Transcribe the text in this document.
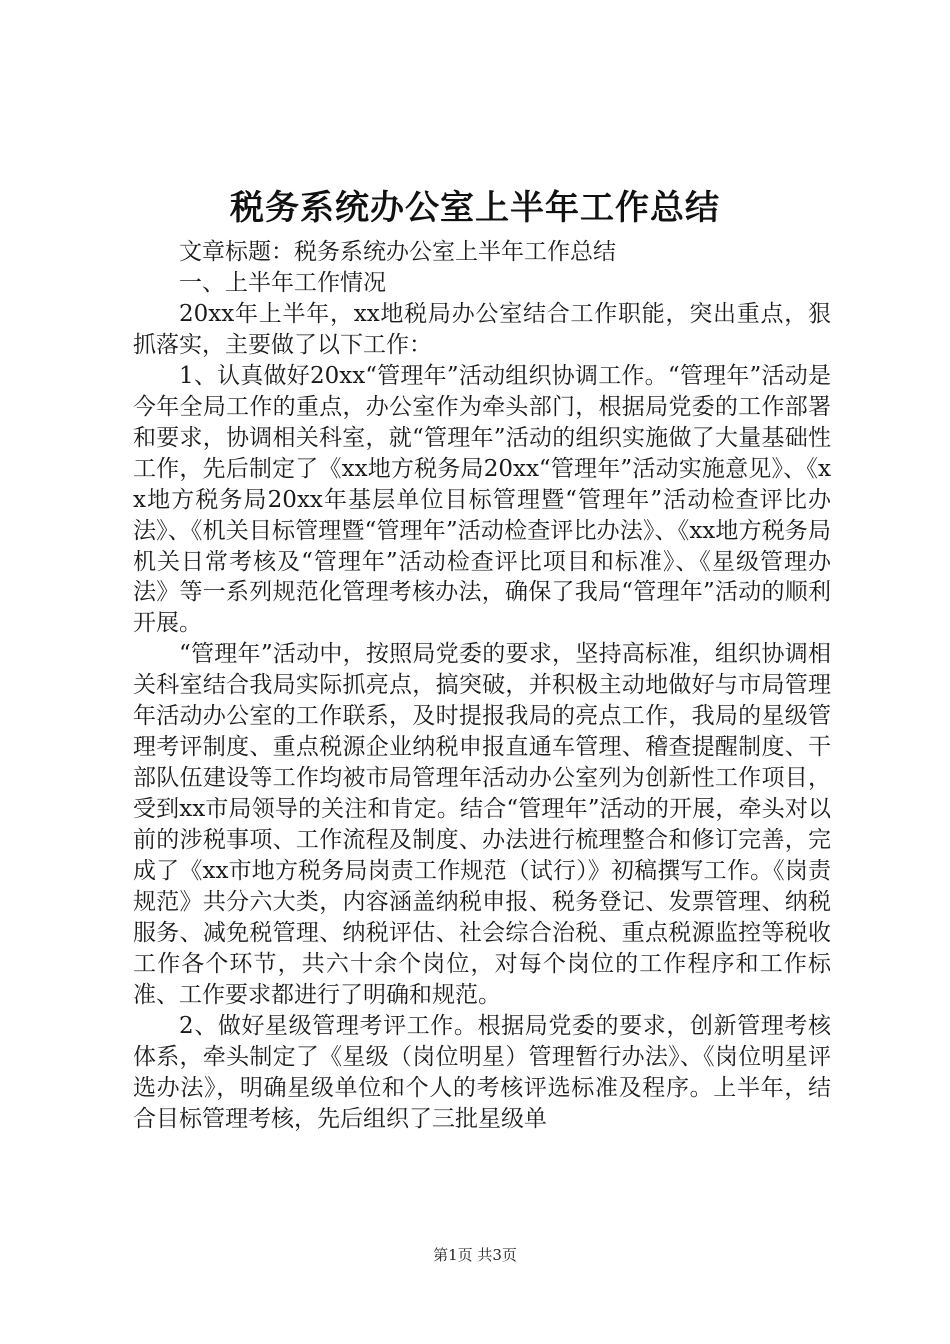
税务系统办公室上半年工作总结

文章标题：税务系统办公室上半年工作总结

一、上半年工作情况

20xx年上半年，xx地税局办公室结合工作职能，突出重点，狠抓落实，主要做了以下工作：

1、认真做好20xx“管理年”活动组织协调工作。“管理年”活动是今年全局工作的重点，办公室作为牵头部门，根据局党委的工作部署和要求，协调相关科室，就“管理年”活动的组织实施做了大量基础性工作，先后制定了《xx地方税务局20xx“管理年”活动实施意见》、《xx地方税务局20xx年基层单位目标管理暨“管理年”活动检查评比办法》、《机关目标管理暨“管理年”活动检查评比办法》、《xx地方税务局机关日常考核及“管理年”活动检查评比项目和标准》、《星级管理办法》等一系列规范化管理考核办法，确保了我局“管理年”活动的顺利开展。

“管理年”活动中，按照局党委的要求，坚持高标准，组织协调相关科室结合我局实际抓亮点，搞突破，并积极主动地做好与市局管理年活动办公室的工作联系，及时提报我局的亮点工作，我局的星级管理考评制度、重点税源企业纳税申报直通车管理、稽查提醒制度、干部队伍建设等工作均被市局管理年活动办公室列为创新性工作项目，受到xx市局领导的关注和肯定。结合“管理年”活动的开展，牵头对以前的涉税事项、工作流程及制度、办法进行梳理整合和修订完善，完成了《xx市地方税务局岗责工作规范（试行）》初稿撰写工作。《岗责规范》共分六大类，内容涵盖纳税申报、税务登记、发票管理、纳税服务、减免税管理、纳税评估、社会综合治税、重点税源监控等税收工作各个环节，共六十余个岗位，对每个岗位的工作程序和工作标准、工作要求都进行了明确和规范。

2、做好星级管理考评工作。根据局党委的要求，创新管理考核体系，牵头制定了《星级（岗位明星）管理暂行办法》、《岗位明星评选办法》，明确星级单位和个人的考核评选标准及程序。上半年，结合目标管理考核，先后组织了三批星级单

第1页 共3页
